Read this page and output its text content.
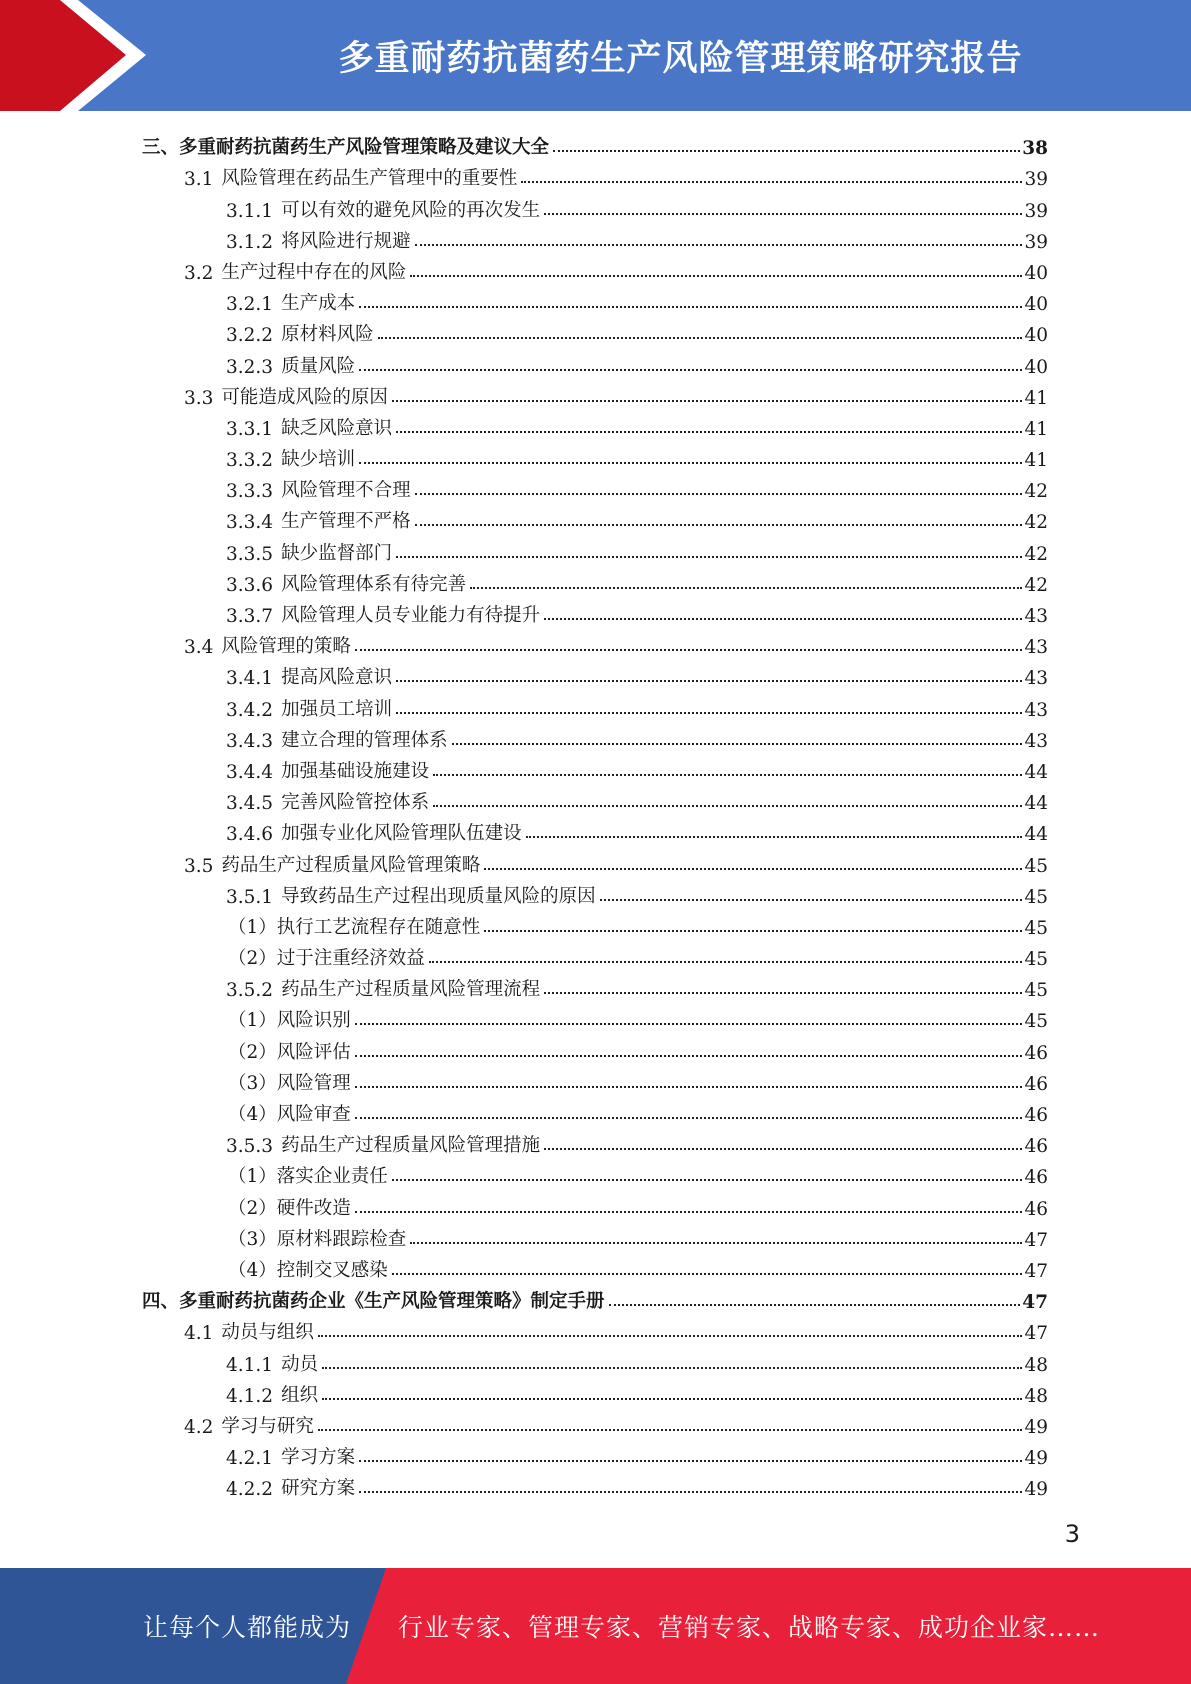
多重耐药抗菌药生产风险管理策略研究报告
三、多重耐药抗菌药生产风险管理策略及建议大全	38
3.1 风险管理在药品生产管理中的重要性	39
3.1.1 可以有效的避免风险的再次发生	39
3.1.2 将风险进行规避	39
3.2 生产过程中存在的风险	40
3.2.1 生产成本	40
3.2.2 原材料风险	40
3.2.3 质量风险	40
3.3 可能造成风险的原因	41
3.3.1 缺乏风险意识	41
3.3.2 缺少培训	41
3.3.3 风险管理不合理	42
3.3.4 生产管理不严格	42
3.3.5 缺少监督部门	42
3.3.6 风险管理体系有待完善	42
3.3.7 风险管理人员专业能力有待提升	43
3.4 风险管理的策略	43
3.4.1 提高风险意识	43
3.4.2 加强员工培训	43
3.4.3 建立合理的管理体系	43
3.4.4 加强基础设施建设	44
3.4.5 完善风险管控体系	44
3.4.6 加强专业化风险管理队伍建设	44
3.5 药品生产过程质量风险管理策略	45
3.5.1 导致药品生产过程出现质量风险的原因	45
（1）执行工艺流程存在随意性	45
（2）过于注重经济效益	45
3.5.2 药品生产过程质量风险管理流程	45
（1）风险识别	45
（2）风险评估	46
（3）风险管理	46
（4）风险审查	46
3.5.3 药品生产过程质量风险管理措施	46
（1）落实企业责任	46
（2）硬件改造	46
（3）原材料跟踪检查	47
（4）控制交叉感染	47
四、多重耐药抗菌药企业《生产风险管理策略》制定手册	47
4.1 动员与组织	47
4.1.1 动员	48
4.1.2 组织	48
4.2 学习与研究	49
4.2.1 学习方案	49
4.2.2 研究方案	49
3
让每个人都能成为 行业专家、管理专家、营销专家、战略专家、成功企业家……
